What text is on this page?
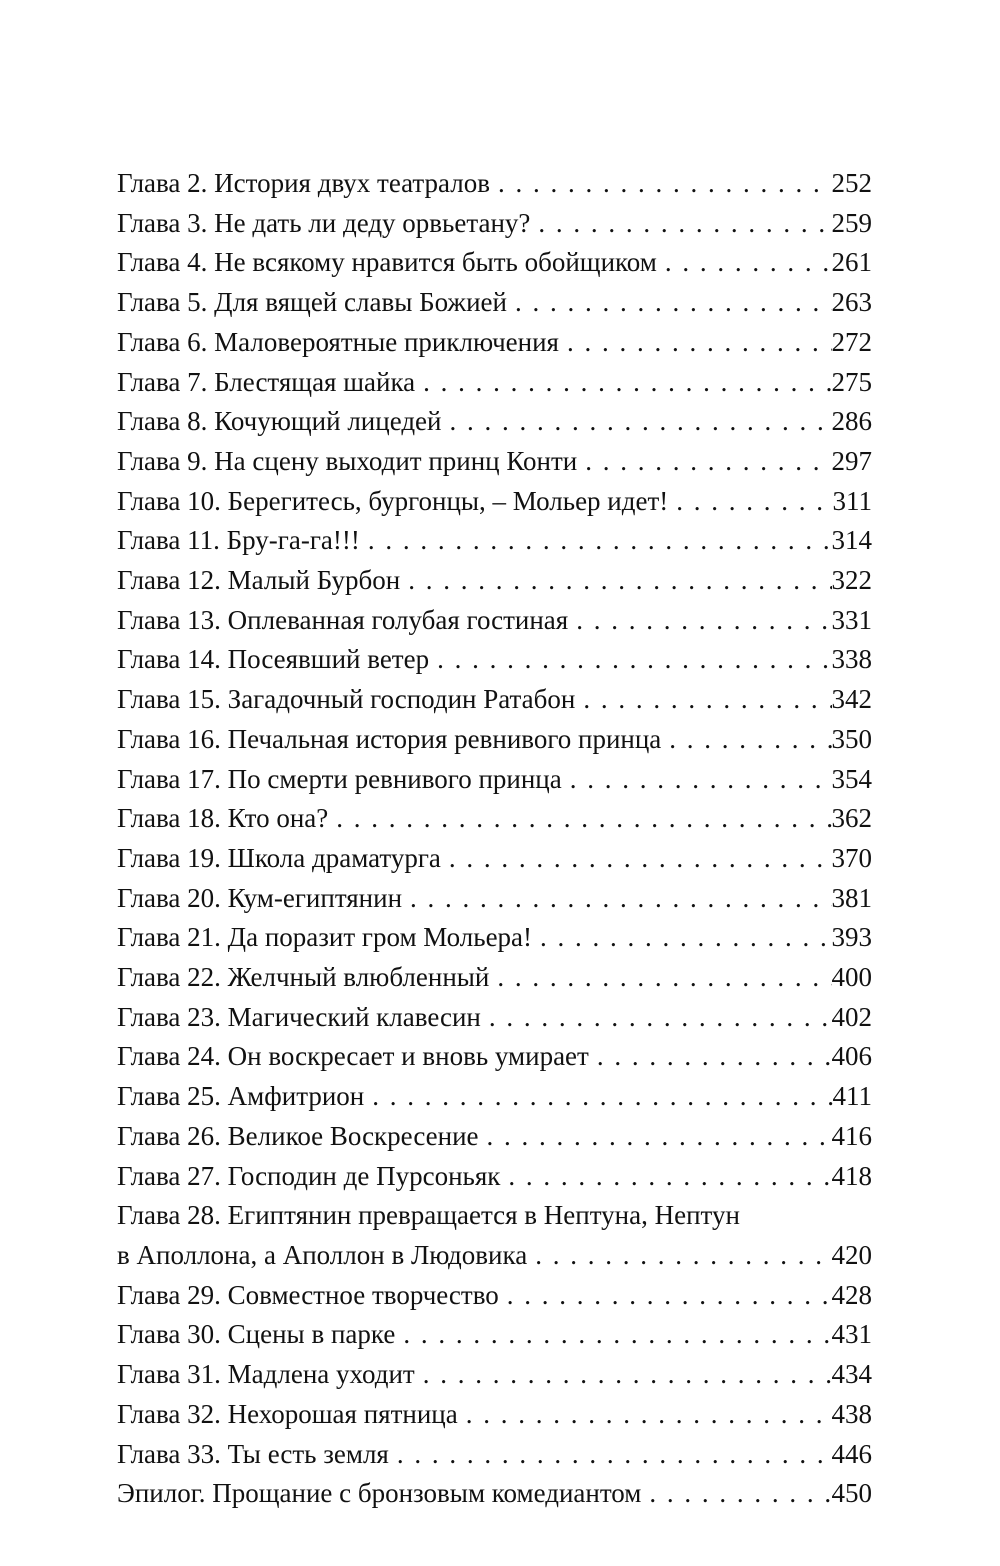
Глава 2. История двух театралов . . .	252
Глава 3. Не дать ли деду орвьетану? . . .	259
Глава 4. Не всякому нравится быть обойщиком . . .	261
Глава 5. Для вящей славы Божией . . .	263
Глава 6. Маловероятные приключения . . .	272
Глава 7. Блестящая шайка . . .	275
Глава 8. Кочующий лицедей . . .	286
Глава 9. На сцену выходит принц Конти . . .	297
Глава 10. Берегитесь, бургонцы, – Мольер идет! . . .	311
Глава 11. Бру-га-га!!! . . .	314
Глава 12. Малый Бурбон . . .	322
Глава 13. Оплеванная голубая гостиная . . .	331
Глава 14. Посеявший ветер . . .	338
Глава 15. Загадочный господин Ратабон . . .	342
Глава 16. Печальная история ревнивого принца . . .	350
Глава 17. По смерти ревнивого принца . . .	354
Глава 18. Кто она? . . .	362
Глава 19. Школа драматурга . . .	370
Глава 20. Кум-египтянин . . .	381
Глава 21. Да поразит гром Мольера! . . .	393
Глава 22. Желчный влюбленный . . .	400
Глава 23. Магический клавесин . . .	402
Глава 24. Он воскресает и вновь умирает . . .	406
Глава 25. Амфитрион . . .	411
Глава 26. Великое Воскресение . . .	416
Глава 27. Господин де Пурсоньяк . . .	418
Глава 28. Египтянин превращается в Нептуна, Нептун
в Аполлона, а Аполлон в Людовика . . .	420
Глава 29. Совместное творчество . . .	428
Глава 30. Сцены в парке . . .	431
Глава 31. Мадлена уходит . . .	434
Глава 32. Нехорошая пятница . . .	438
Глава 33. Ты есть земля . . .	446
Эпилог. Прощание с бронзовым комедиантом . . .	450
